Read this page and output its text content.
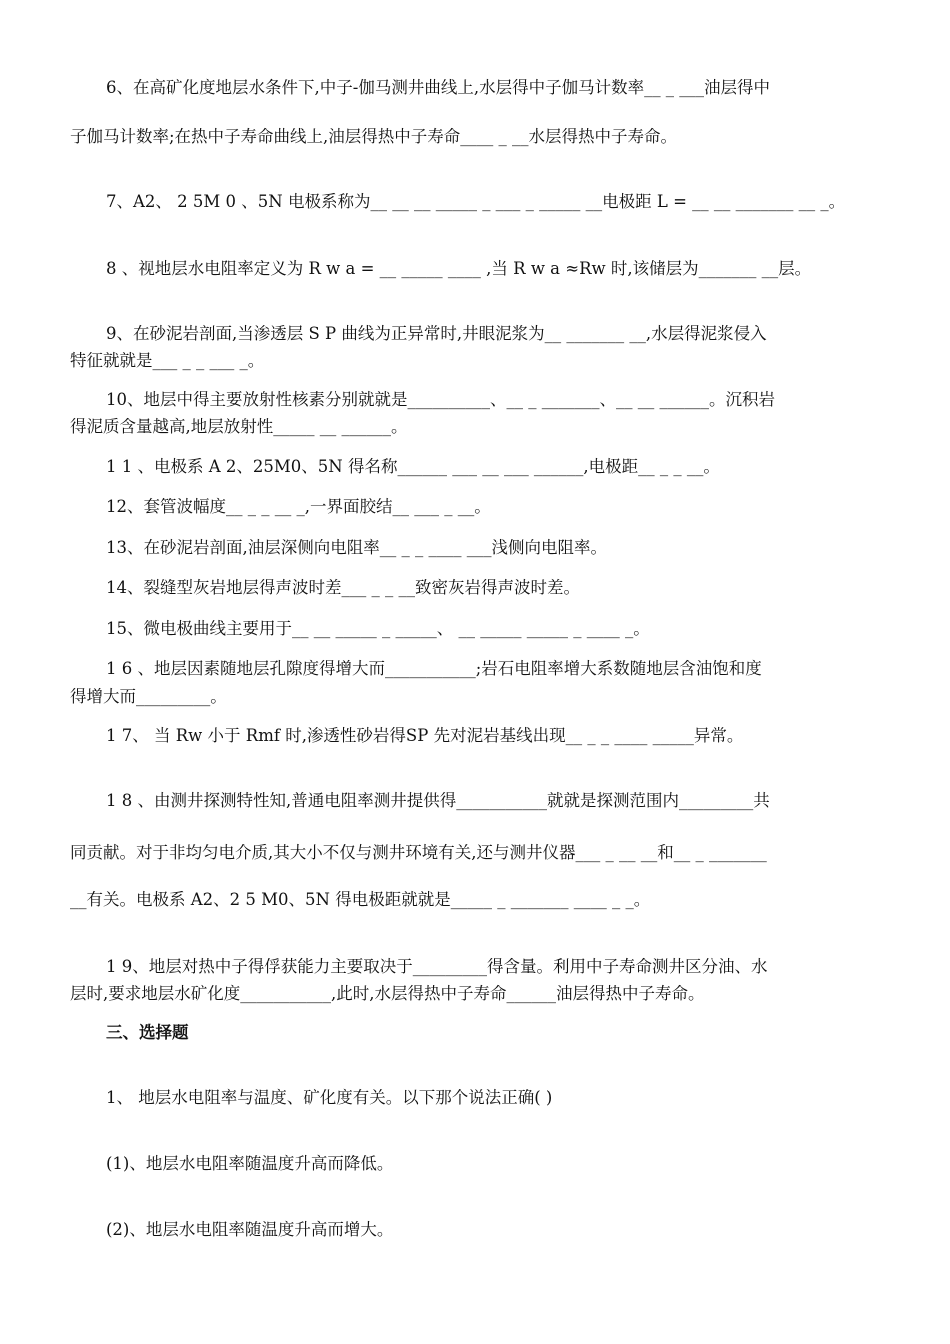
6、在高矿化度地层水条件下,中子-伽马测井曲线上,水层得中子伽马计数率__ _ ___油层得中
子伽马计数率;在热中子寿命曲线上,油层得热中子寿命____ _ __水层得热中子寿命。
7、A2、 2 5M 0 、5N 电极系称为__ __ __ _____ _ ___ _ _____ __电极距 L = __ __ _______ __ _。
8 、视地层水电阻率定义为 R w a = __ _____ ____ ,当 R w a ≈Rw 时,该储层为_______ __层。
9、在砂泥岩剖面,当渗透层 S P 曲线为正异常时,井眼泥浆为__ _______ __,水层得泥浆侵入
特征就就是___ _ _ ___ _。
10、地层中得主要放射性核素分别就就是__________、__ _ _______、__ __ ______。沉积岩
得泥质含量越高,地层放射性_____ __ ______。
1 1 、电极系 A 2、25M0、5N 得名称______ ___ __ ___ ______,电极距__ _ _ __。
12、套管波幅度__ _ _ __ _,一界面胶结__ ___ _ __。
13、在砂泥岩剖面,油层深侧向电阻率__ _ _ ____ ___浅侧向电阻率。
14、裂缝型灰岩地层得声波时差___ _ _ __致密灰岩得声波时差。
15、微电极曲线主要用于__ __ _____ _ _____、 __ _____ _____ _ ____ _。
1 6 、地层因素随地层孔隙度得增大而___________;岩石电阻率增大系数随地层含油饱和度
得增大而_________。
1 7、 当 Rw 小于 Rmf 时,渗透性砂岩得SP 先对泥岩基线出现__ _ _ ____ _____异常。
1 8 、由测井探测特性知,普通电阻率测井提供得___________就就是探测范围内_________共
同贡献。对于非均匀电介质,其大小不仅与测井环境有关,还与测井仪器___ _ __ __和__ _ _______
__有关。电极系 A2、2 5 M0、5N 得电极距就就是_____ _ _______ ____ _ _。
1 9、地层对热中子得俘获能力主要取决于_________得含量。利用中子寿命测井区分油、水
层时,要求地层水矿化度___________,此时,水层得热中子寿命______油层得热中子寿命。
三、选择题
1、 地层水电阻率与温度、矿化度有关。以下那个说法正确( )
(1)、地层水电阻率随温度升高而降低。
(2)、地层水电阻率随温度升高而增大。
